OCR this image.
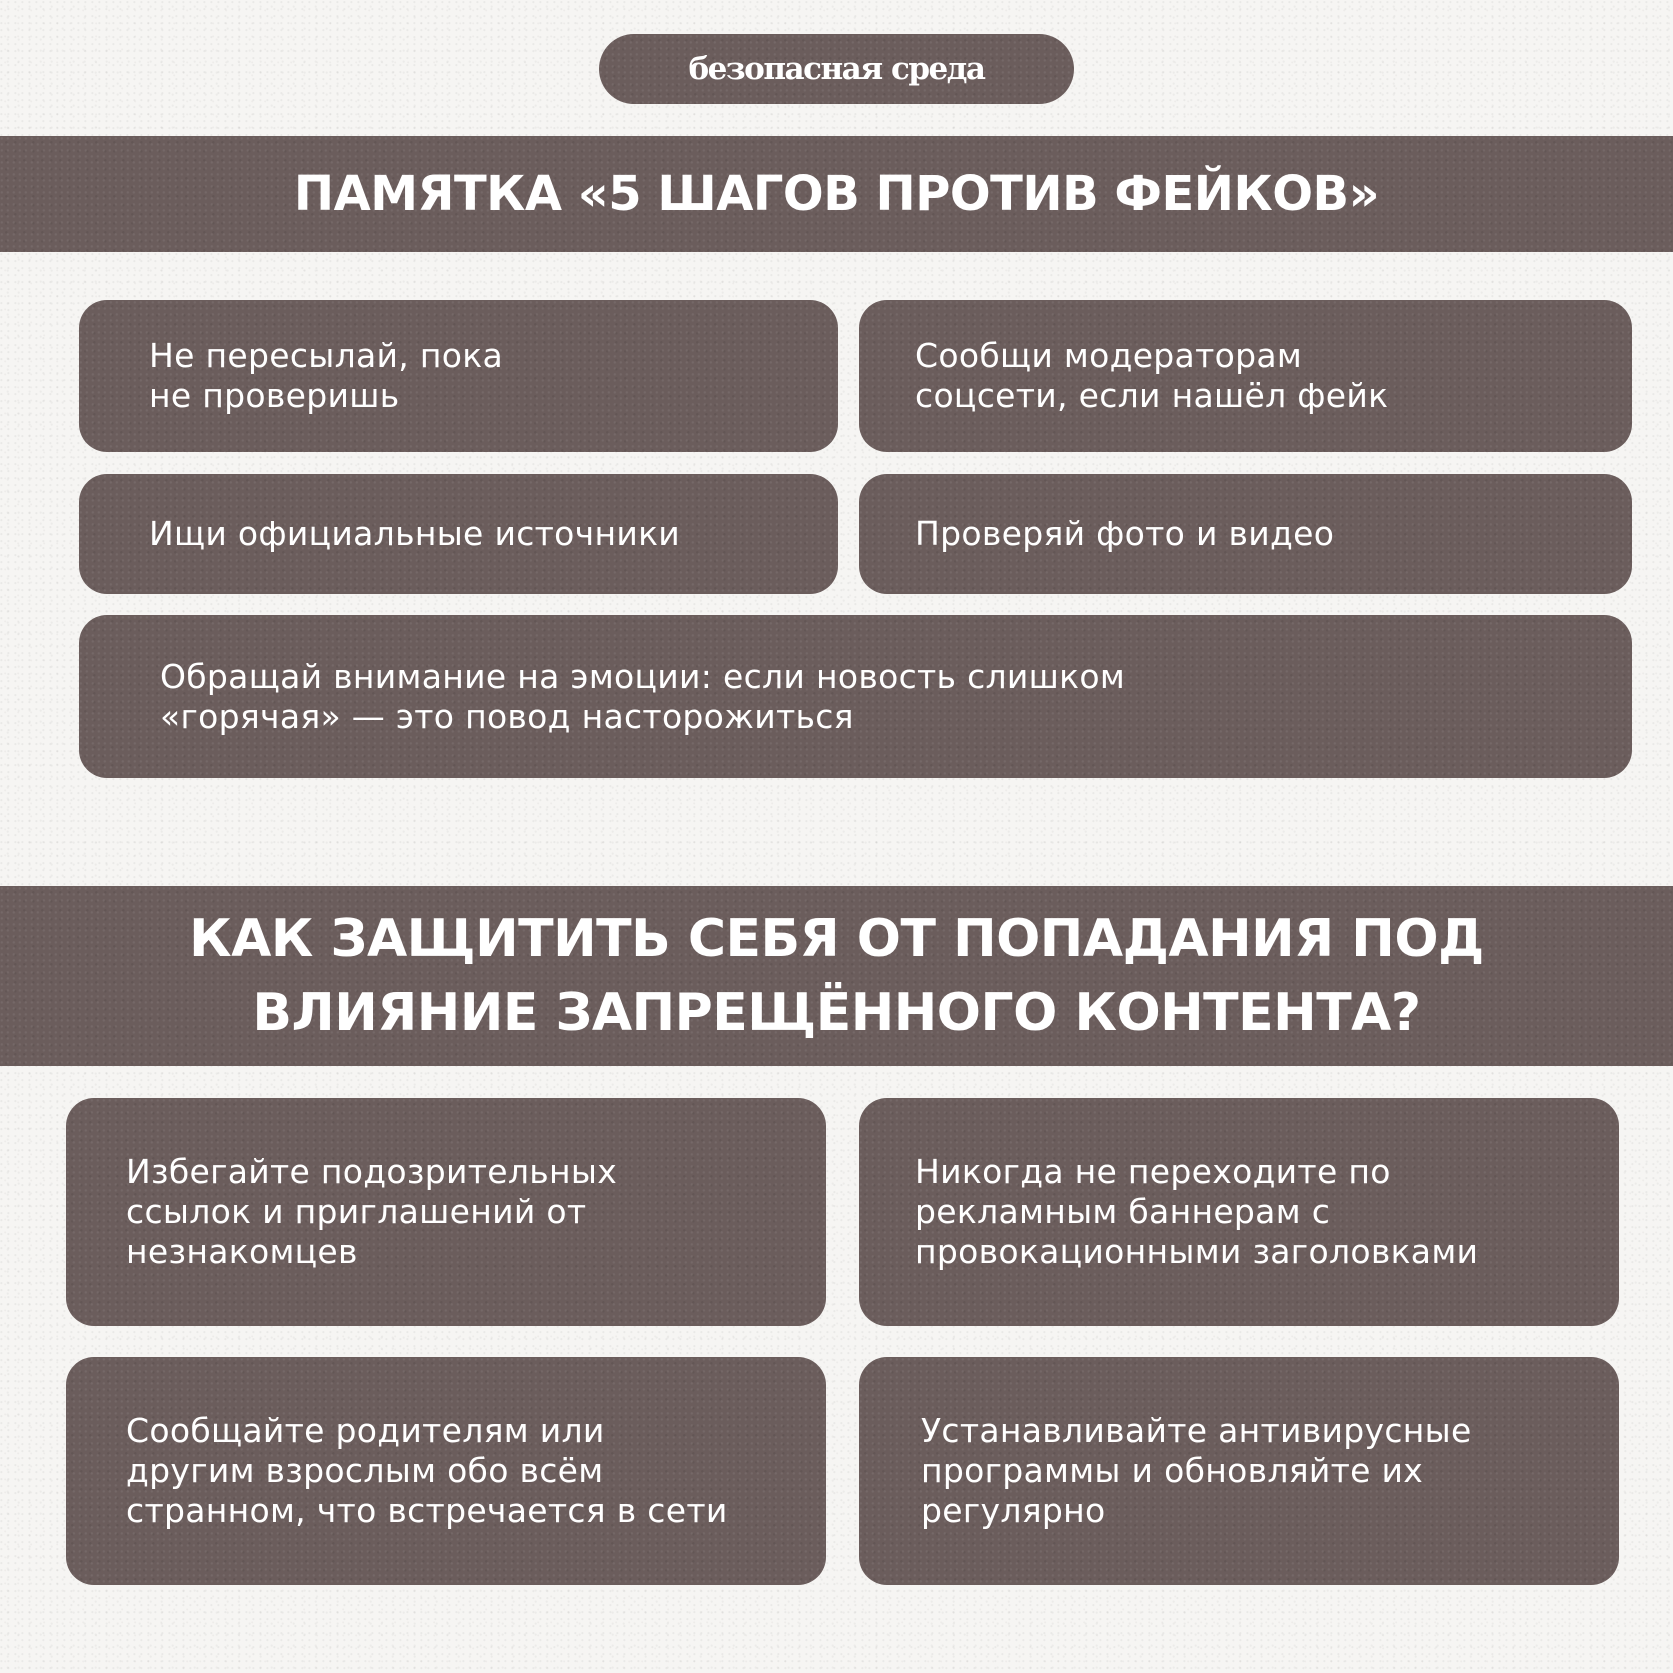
безопасная среда
ПАМЯТКА «5 ШАГОВ ПРОТИВ ФЕЙКОВ»

Не пересылай, пока
не проверишь

Сообщи модераторам
соцсети, если нашёл фейк

Ищи официальные источники	Проверяй фото и видео

Обращай внимание на эмоции: если новость слишком
«горячая» — это повод насторожиться

КАК ЗАЩИТИТЬ СЕБЯ ОТ ПОПАДАНИЯ ПОД
ВЛИЯНИЕ ЗАПРЕЩЁННОГО КОНТЕНТА?

Избегайте подозрительных
ссылок и приглашений от
незнакомцев

Никогда не переходите по
рекламным баннерам с
провокационными заголовками

Сообщайте родителям или
другим взрослым обо всём
странном, что встречается в сети

Устанавливайте антивирусные
программы и обновляйте их
регулярно
